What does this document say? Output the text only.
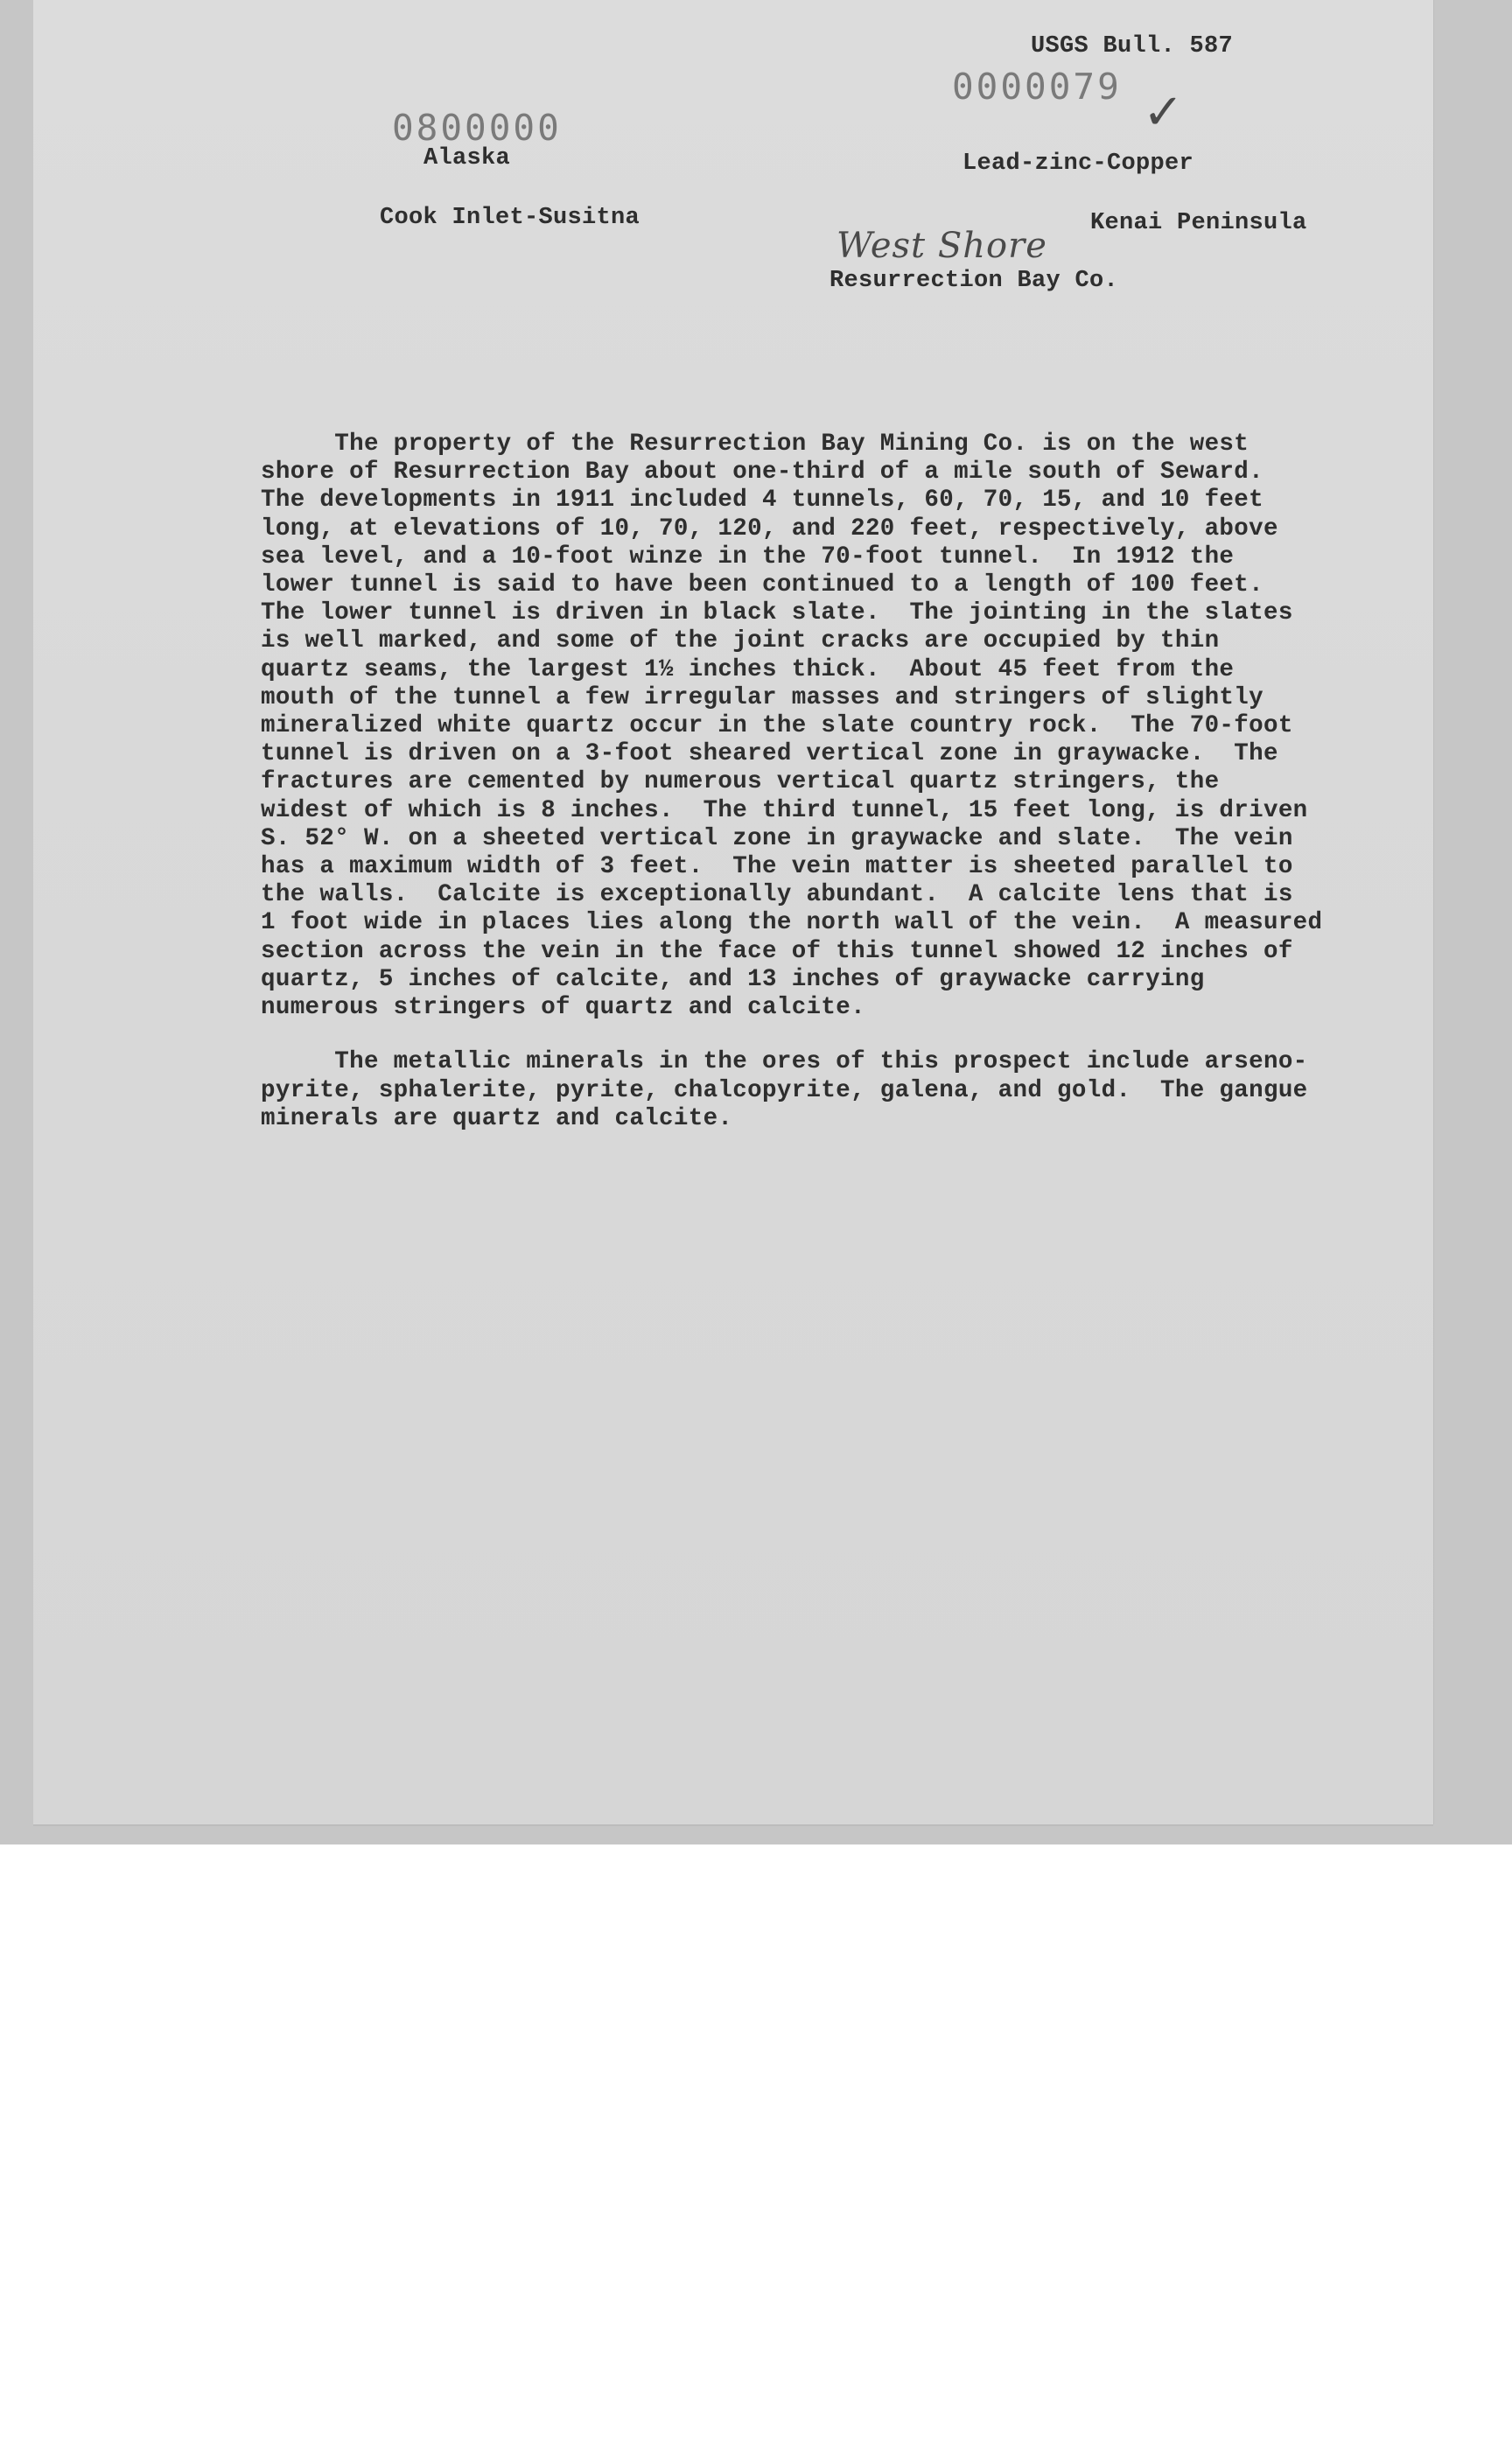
USGS Bull. 587
0000079 ✓
0800000
Alaska	Lead-zinc-Copper
Cook Inlet-Susitna	Kenai Peninsula
West Shore
Resurrection Bay Co.
The property of the Resurrection Bay Mining Co. is on the west
shore of Resurrection Bay about one-third of a mile south of Seward.
The developments in 1911 included 4 tunnels, 60, 70, 15, and 10 feet
long, at elevations of 10, 70, 120, and 220 feet, respectively, above
sea level, and a 10-foot winze in the 70-foot tunnel.  In 1912 the
lower tunnel is said to have been continued to a length of 100 feet.
The lower tunnel is driven in black slate.  The jointing in the slates
is well marked, and some of the joint cracks are occupied by thin
quartz seams, the largest 1½ inches thick.  About 45 feet from the
mouth of the tunnel a few irregular masses and stringers of slightly
mineralized white quartz occur in the slate country rock.  The 70-foot
tunnel is driven on a 3-foot sheared vertical zone in graywacke.  The
fractures are cemented by numerous vertical quartz stringers, the
widest of which is 8 inches.  The third tunnel, 15 feet long, is driven
S. 52° W. on a sheeted vertical zone in graywacke and slate.  The vein
has a maximum width of 3 feet.  The vein matter is sheeted parallel to
the walls.  Calcite is exceptionally abundant.  A calcite lens that is
1 foot wide in places lies along the north wall of the vein.  A measured
section across the vein in the face of this tunnel showed 12 inches of
quartz, 5 inches of calcite, and 13 inches of graywacke carrying
numerous stringers of quartz and calcite.
The metallic minerals in the ores of this prospect include arseno-
pyrite, sphalerite, pyrite, chalcopyrite, galena, and gold.  The gangue
minerals are quartz and calcite.
